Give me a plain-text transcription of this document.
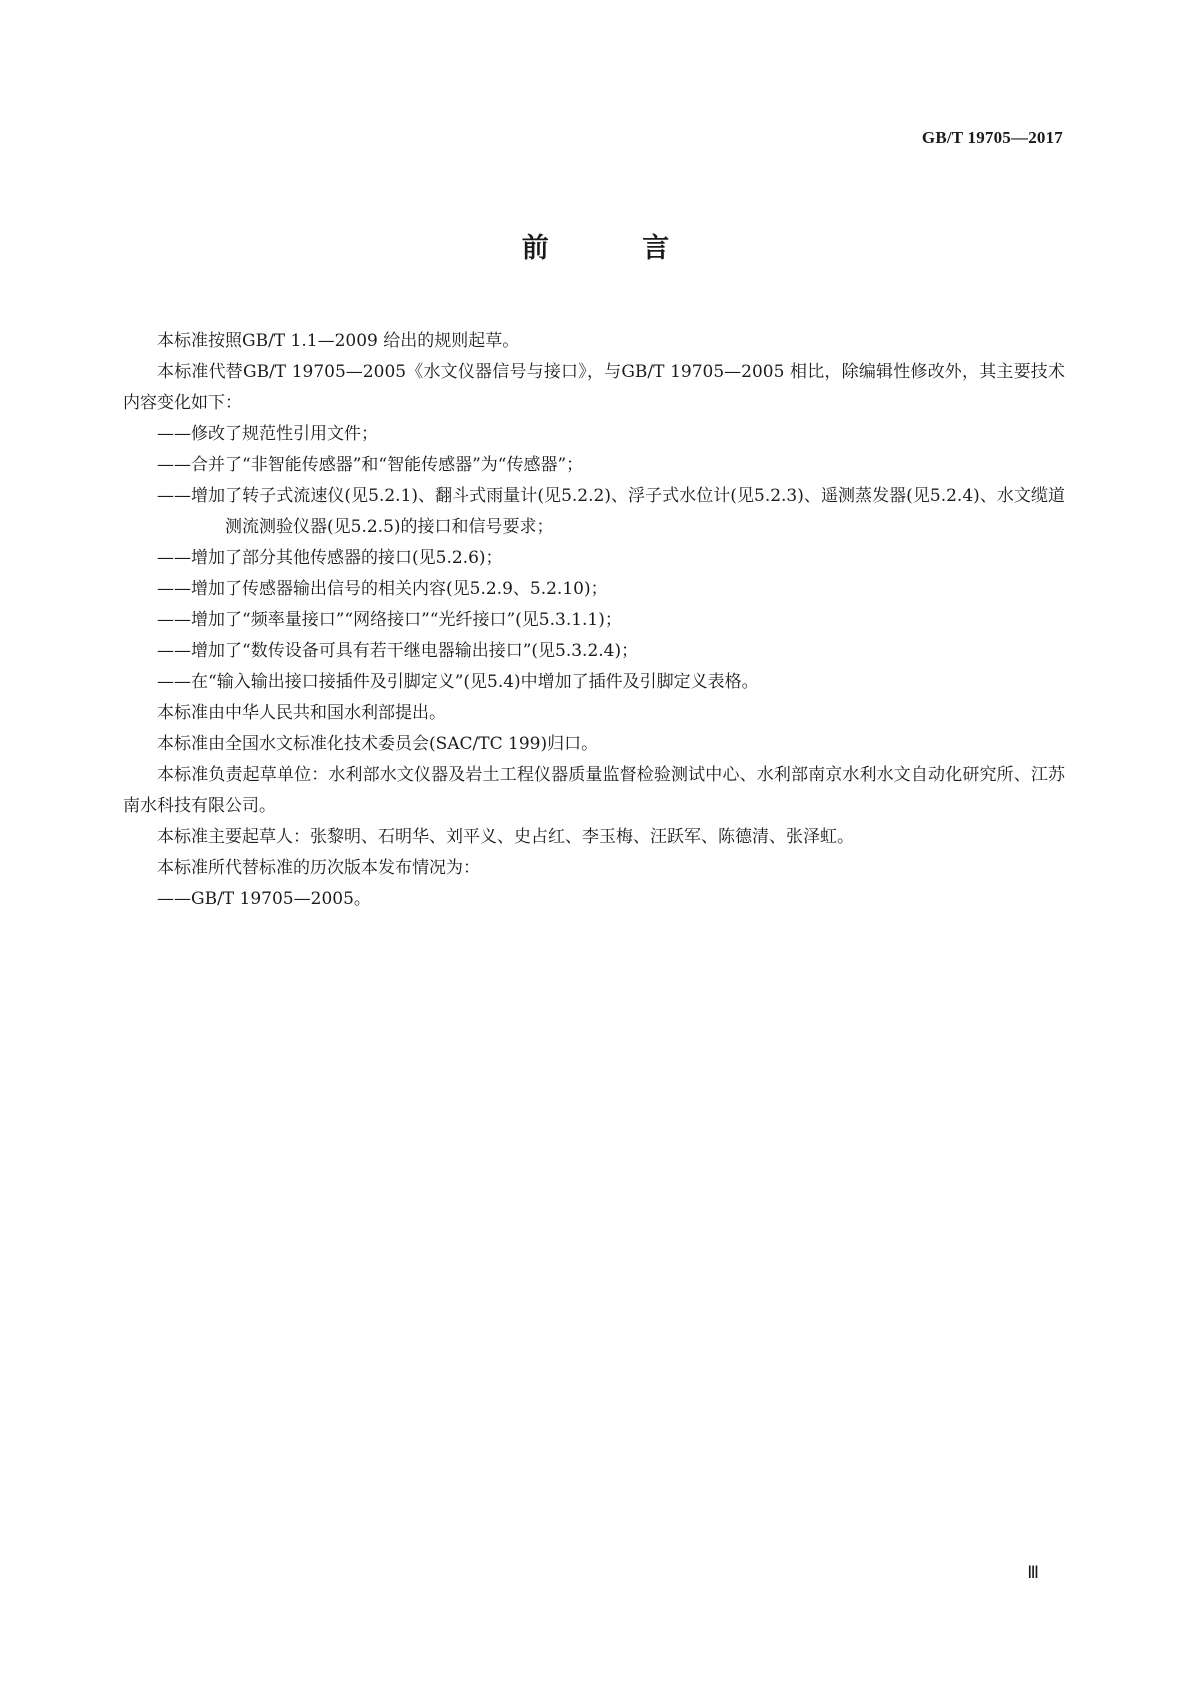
GB/T 19705—2017
前 言

本标准按照GB/T 1.1—2009 给出的规则起草。

本标准代替GB/T 19705—2005《水文仪器信号与接口》，与GB/T 19705—2005 相比，除编辑性修改外，其主要技术内容变化如下：

——修改了规范性引用文件；

——合并了“非智能传感器”和“智能传感器”为“传感器”；

——增加了转子式流速仪(见5.2.1)、翻斗式雨量计(见5.2.2)、浮子式水位计(见5.2.3)、遥测蒸发器(见5.2.4)、水文缆道测流测验仪器(见5.2.5)的接口和信号要求；

——增加了部分其他传感器的接口(见5.2.6)；

——增加了传感器输出信号的相关内容(见5.2.9、5.2.10)；

——增加了“频率量接口”“网络接口”“光纤接口”(见5.3.1.1)；

——增加了“数传设备可具有若干继电器输出接口”(见5.3.2.4)；

——在“输入输出接口接插件及引脚定义”(见5.4)中增加了插件及引脚定义表格。

本标准由中华人民共和国水利部提出。

本标准由全国水文标准化技术委员会(SAC/TC 199)归口。

本标准负责起草单位：水利部水文仪器及岩土工程仪器质量监督检验测试中心、水利部南京水利水文自动化研究所、江苏南水科技有限公司。

本标准主要起草人：张黎明、石明华、刘平义、史占红、李玉梅、汪跃军、陈德清、张泽虹。

本标准所代替标准的历次版本发布情况为：

——GB/T 19705—2005。

Ⅲ
